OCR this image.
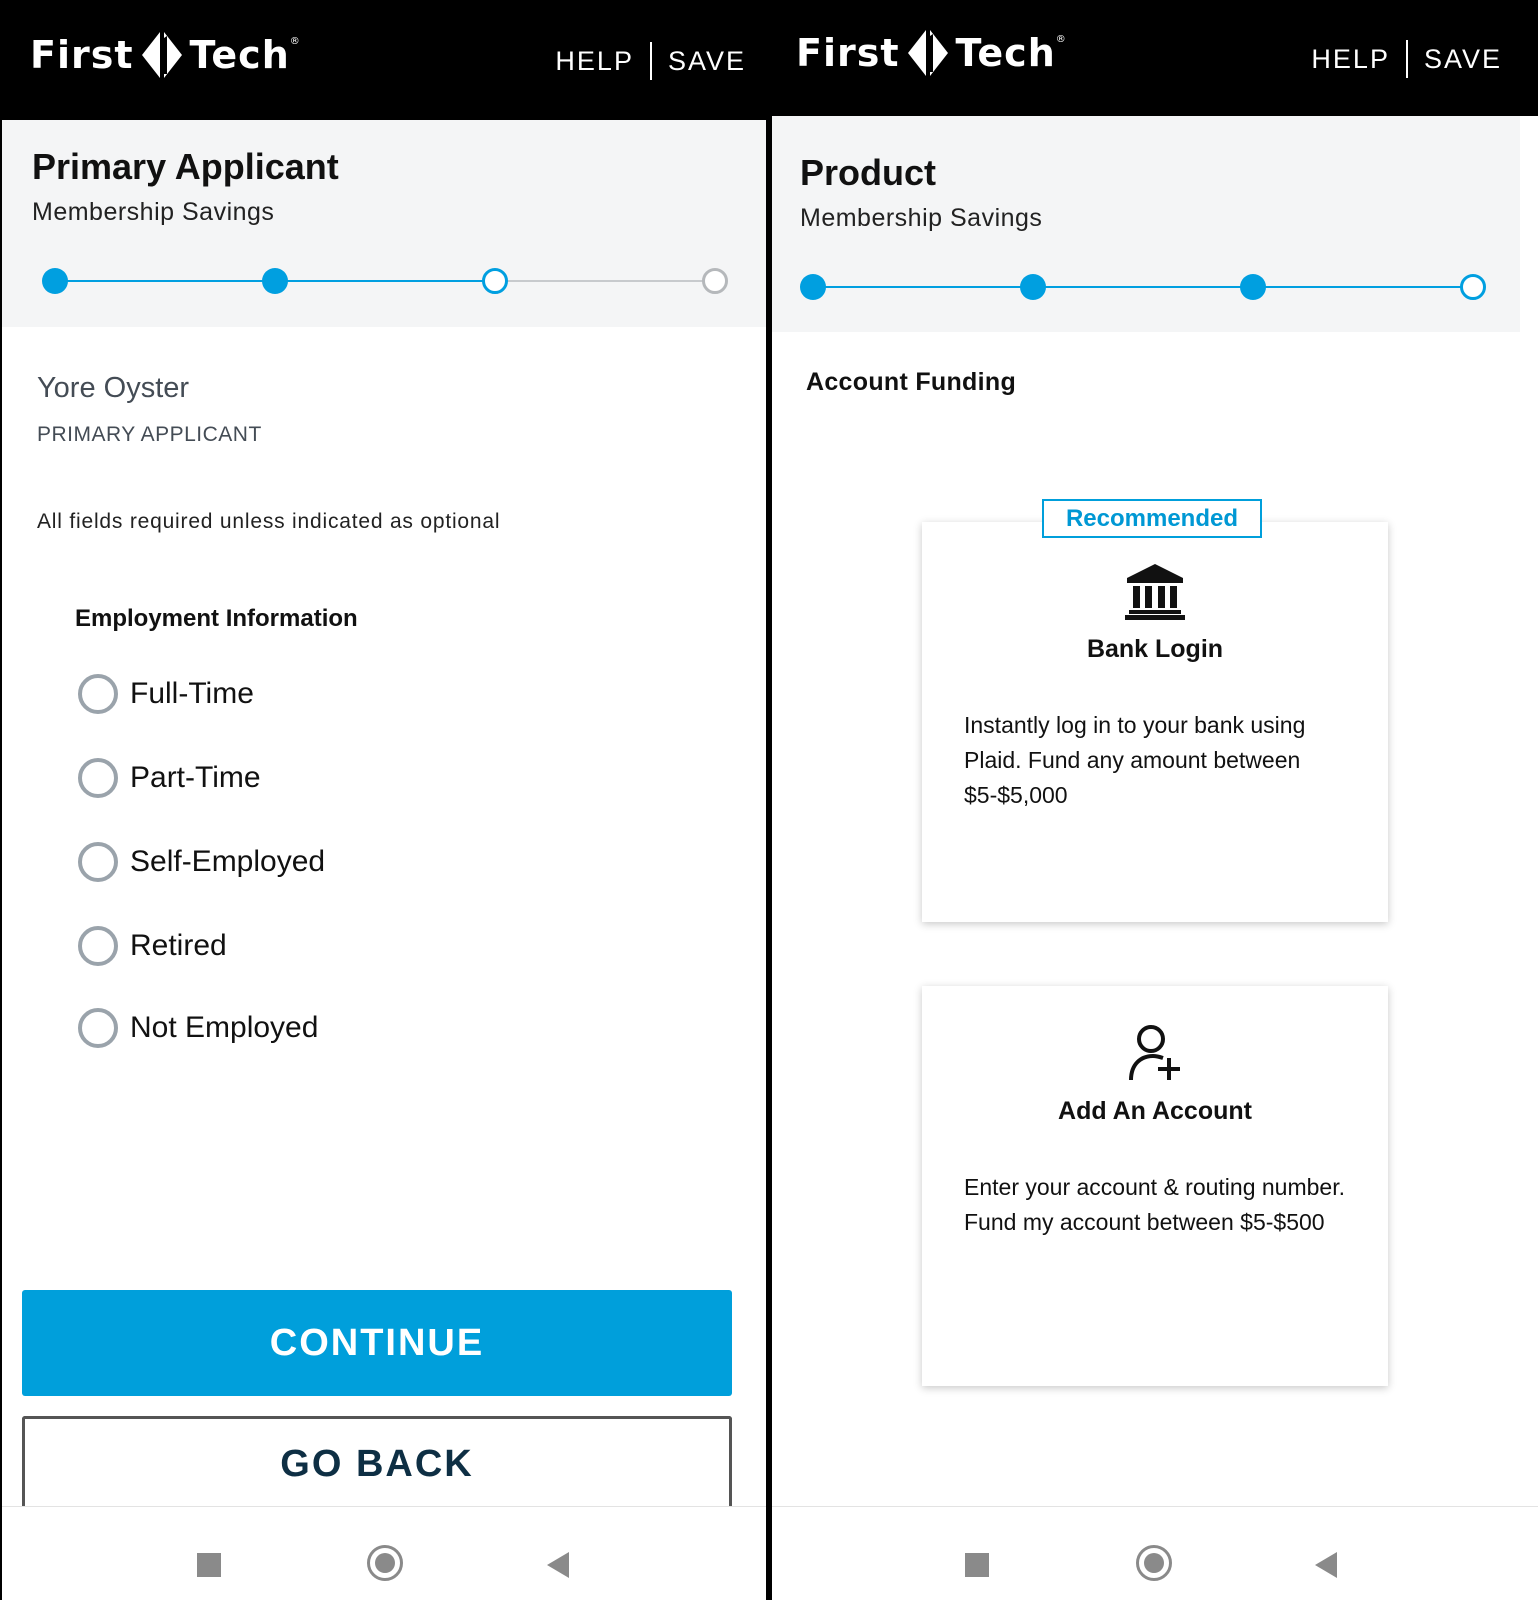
First Tech ®
HELP SAVE
Primary Applicant
Membership Savings
Yore Oyster
PRIMARY APPLICANT
All fields required unless indicated as optional
Employment Information
Full-Time
Part-Time
Self-Employed
Retired
Not Employed
CONTINUE
GO BACK
First Tech ®
HELP SAVE
Product
Membership Savings
Account Funding
Bank Login
Instantly log in to your bank using Plaid. Fund any amount between $5-$5,000
Recommended
Add An Account
Enter your account & routing number. Fund my account between $5-$500
